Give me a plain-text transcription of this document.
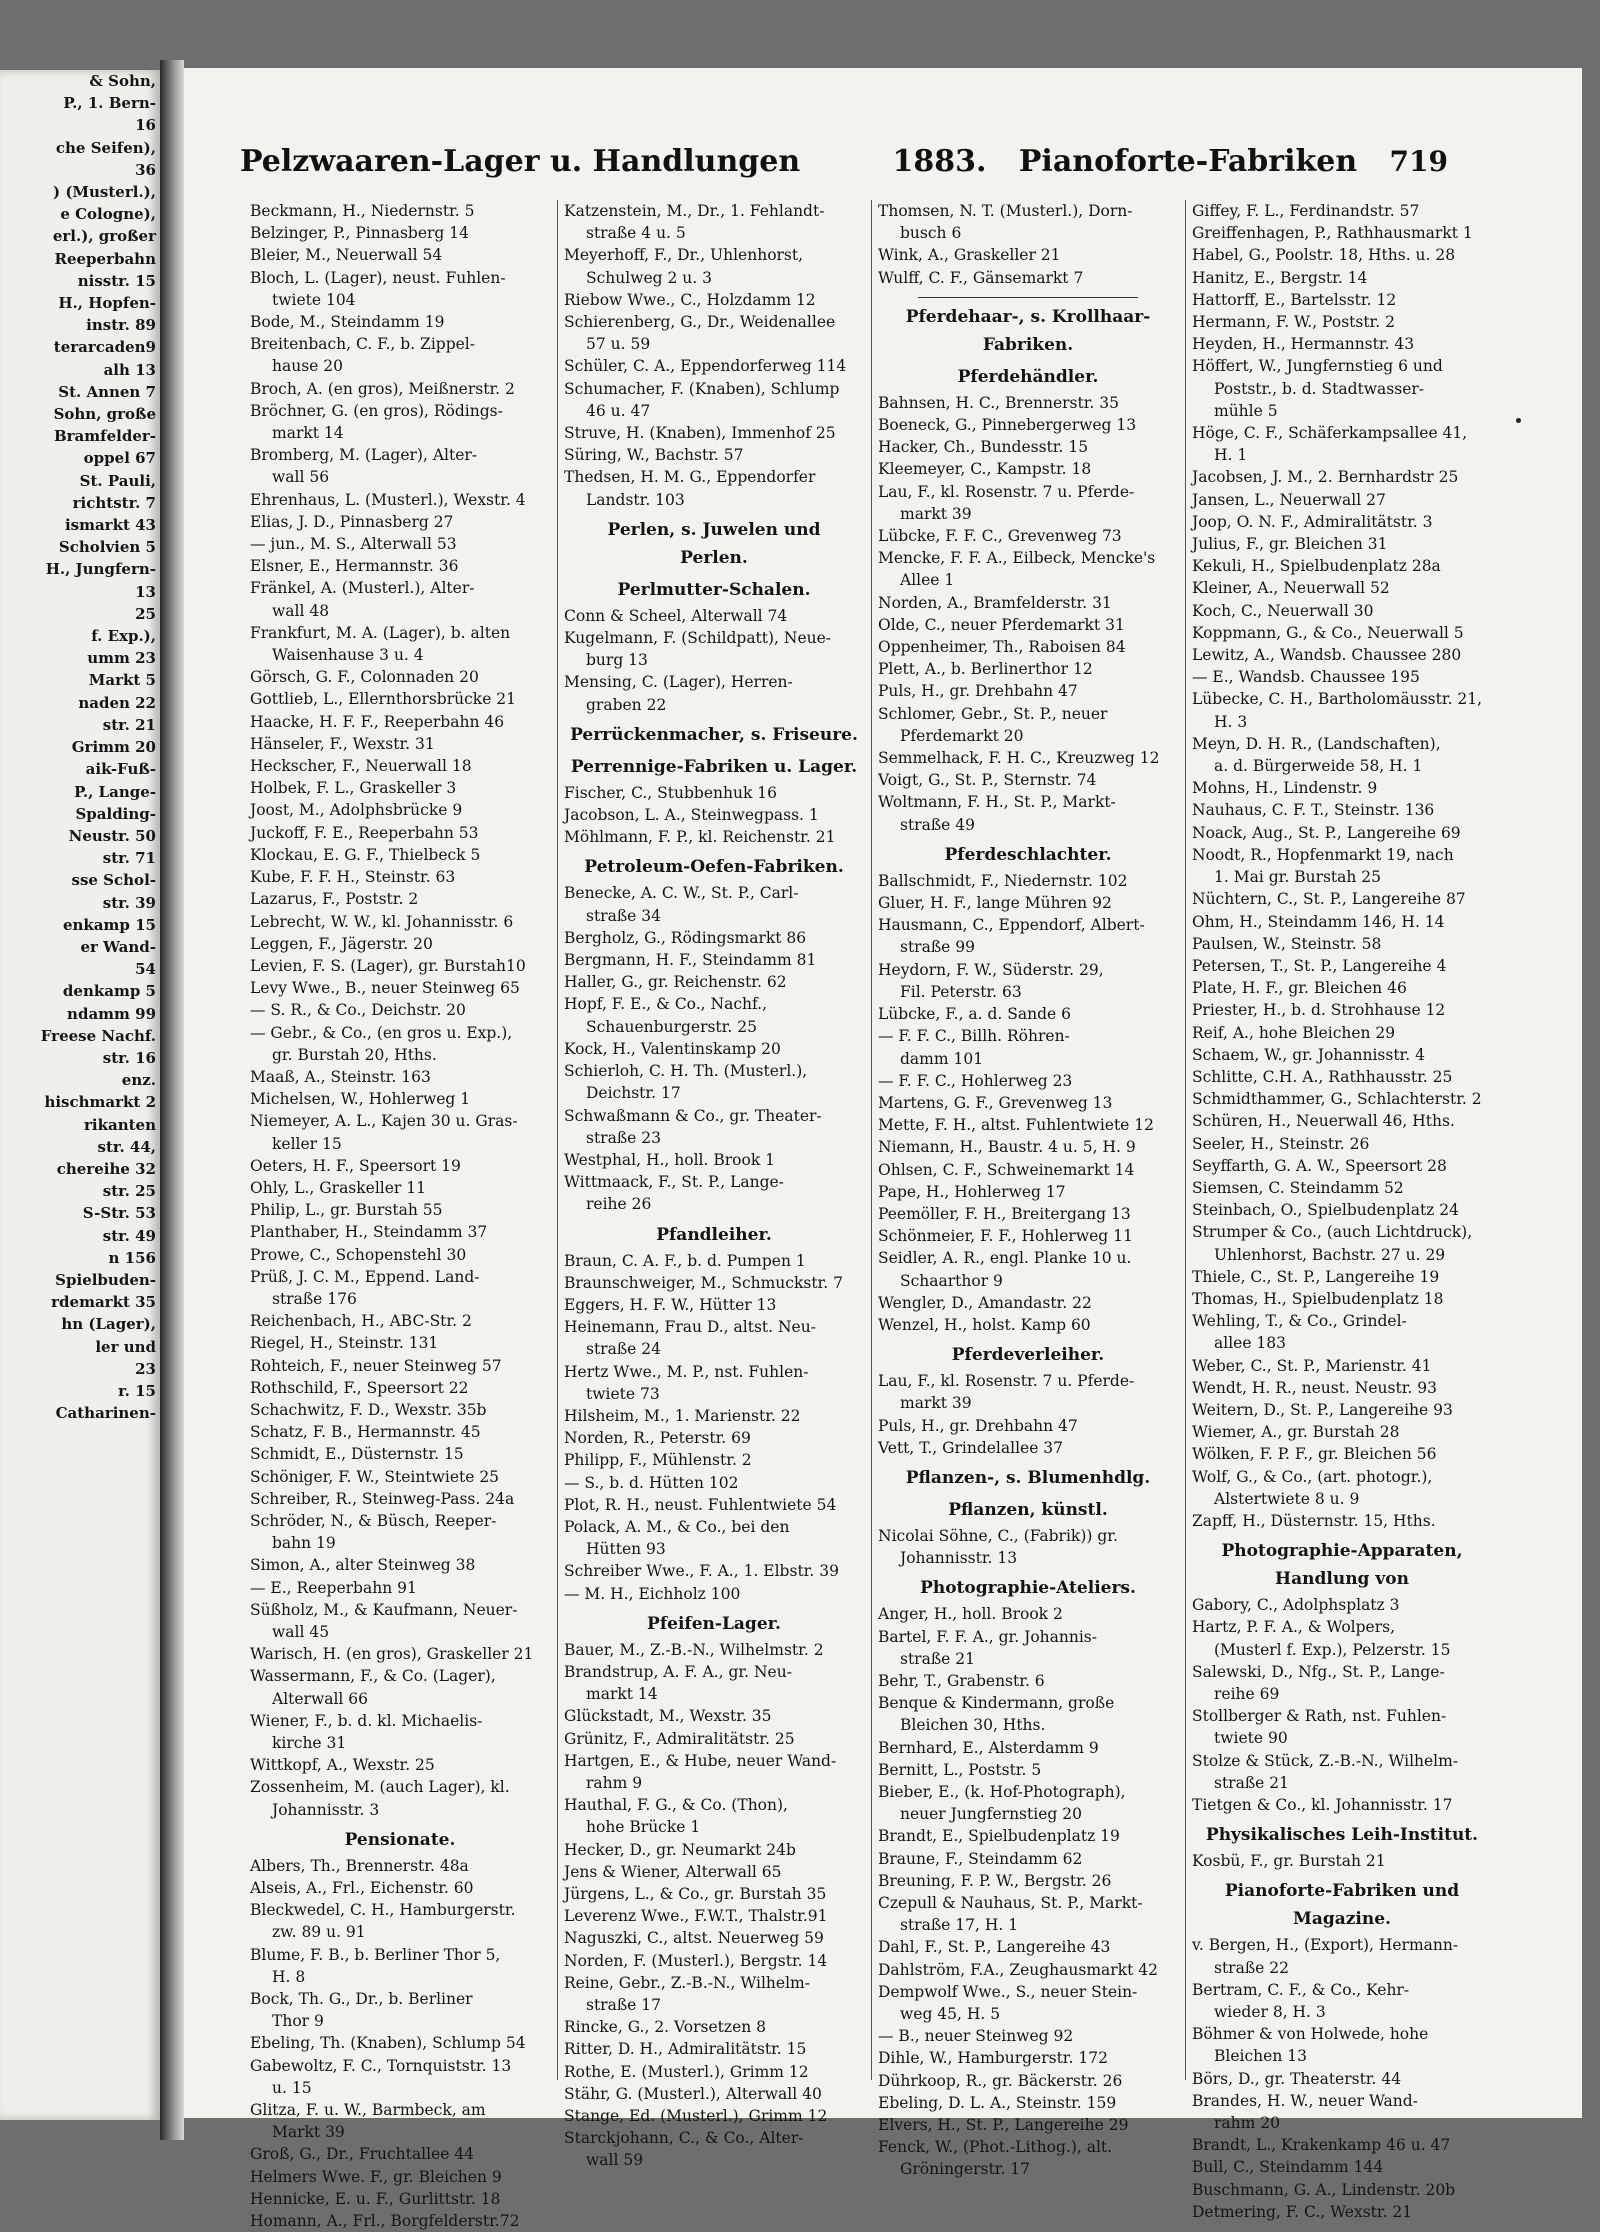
& Sohn,
P., 1. Bern-
16
che Seifen),
36
) (Musterl.),
e Cologne),
erl.), großer
Reeperbahn
nisstr. 15
H., Hopfen-
instr. 89
terarcaden9
alh 13
St. Annen 7
Sohn, große
Bramfelder-
oppel 67
St. Pauli,
richtstr. 7
ismarkt 43
Scholvien 5
H., Jungfern-
13
25
f. Exp.),
umm 23
Markt 5
naden 22
str. 21
Grimm 20
aik-Fuß-
P., Lange-
Spalding-
Neustr. 50
str. 71
sse Schol-
str. 39
enkamp 15
er Wand-
54
denkamp 5
ndamm 99
Freese Nachf.
str. 16
enz.
hischmarkt 2
rikanten
str. 44,
chereihe 32
str. 25
S-Str. 53
str. 49
n 156
Spielbuden-
rdemarkt 35
hn (Lager),
ler und
23
r. 15
Catharinen-
Pelzwaaren-Lager u. Handlungen	1883. Pianoforte-Fabriken 719
Beckmann, H., Niedernstr. 5
Belzinger, P., Pinnasberg 14
Bleier, M., Neuerwall 54
Bloch, L. (Lager), neust. Fuhlen-
twiete 104
Bode, M., Steindamm 19
Breitenbach, C. F., b. Zippel-
hause 20
Broch, A. (en gros), Meißnerstr. 2
Bröchner, G. (en gros), Rödings-
markt 14
Bromberg, M. (Lager), Alter-
wall 56
Ehrenhaus, L. (Musterl.), Wexstr. 4
Elias, J. D., Pinnasberg 27
— jun., M. S., Alterwall 53
Elsner, E., Hermannstr. 36
Fränkel, A. (Musterl.), Alter-
wall 48
Frankfurt, M. A. (Lager), b. alten
Waisenhause 3 u. 4
Görsch, G. F., Colonnaden 20
Gottlieb, L., Ellernthorsbrücke 21
Haacke, H. F. F., Reeperbahn 46
Hänseler, F., Wexstr. 31
Heckscher, F., Neuerwall 18
Holbek, F. L., Graskeller 3
Joost, M., Adolphsbrücke 9
Juckoff, F. E., Reeperbahn 53
Klockau, E. G. F., Thielbeck 5
Kube, F. F. H., Steinstr. 63
Lazarus, F., Poststr. 2
Lebrecht, W. W., kl. Johannisstr. 6
Leggen, F., Jägerstr. 20
Levien, F. S. (Lager), gr. Burstah10
Levy Wwe., B., neuer Steinweg 65
— S. R., & Co., Deichstr. 20
— Gebr., & Co., (en gros u. Exp.),
gr. Burstah 20, Hths.
Maaß, A., Steinstr. 163
Michelsen, W., Hohlerweg 1
Niemeyer, A. L., Kajen 30 u. Gras-
keller 15
Oeters, H. F., Speersort 19
Ohly, L., Graskeller 11
Philip, L., gr. Burstah 55
Planthaber, H., Steindamm 37
Prowe, C., Schopenstehl 30
Prüß, J. C. M., Eppend. Land-
straße 176
Reichenbach, H., ABC-Str. 2
Riegel, H., Steinstr. 131
Rohteich, F., neuer Steinweg 57
Rothschild, F., Speersort 22
Schachwitz, F. D., Wexstr. 35b
Schatz, F. B., Hermannstr. 45
Schmidt, E., Düsternstr. 15
Schöniger, F. W., Steintwiete 25
Schreiber, R., Steinweg-Pass. 24a
Schröder, N., & Büsch, Reeper-
bahn 19
Simon, A., alter Steinweg 38
— E., Reeperbahn 91
Süßholz, M., & Kaufmann, Neuer-
wall 45
Warisch, H. (en gros), Graskeller 21
Wassermann, F., & Co. (Lager),
Alterwall 66
Wiener, F., b. d. kl. Michaelis-
kirche 31
Wittkopf, A., Wexstr. 25
Zossenheim, M. (auch Lager), kl.
Johannisstr. 3
Pensionate.
Albers, Th., Brennerstr. 48a
Alseis, A., Frl., Eichenstr. 60
Bleckwedel, C. H., Hamburgerstr.
zw. 89 u. 91
Blume, F. B., b. Berliner Thor 5,
H. 8
Bock, Th. G., Dr., b. Berliner
Thor 9
Ebeling, Th. (Knaben), Schlump 54
Gabewoltz, F. C., Tornquiststr. 13
u. 15
Glitza, F. u. W., Barmbeck, am
Markt 39
Groß, G., Dr., Fruchtallee 44
Helmers Wwe. F., gr. Bleichen 9
Hennicke, E. u. F., Gurlittstr. 18
Homann, A., Frl., Borgfelderstr.72
Katzenstein, M., Dr., 1. Fehlandt-
straße 4 u. 5
Meyerhoff, F., Dr., Uhlenhorst,
Schulweg 2 u. 3
Riebow Wwe., C., Holzdamm 12
Schierenberg, G., Dr., Weidenallee
57 u. 59
Schüler, C. A., Eppendorferweg 114
Schumacher, F. (Knaben), Schlump
46 u. 47
Struve, H. (Knaben), Immenhof 25
Süring, W., Bachstr. 57
Thedsen, H. M. G., Eppendorfer
Landstr. 103
Perlen, s. Juwelen und
Perlen.
Perlmutter-Schalen.
Conn & Scheel, Alterwall 74
Kugelmann, F. (Schildpatt), Neue-
burg 13
Mensing, C. (Lager), Herren-
graben 22
Perrückenmacher, s. Friseure.
Perrennige-Fabriken u. Lager.
Fischer, C., Stubbenhuk 16
Jacobson, L. A., Steinwegpass. 1
Möhlmann, F. P., kl. Reichenstr. 21
Petroleum-Oefen-Fabriken.
Benecke, A. C. W., St. P., Carl-
straße 34
Bergholz, G., Rödingsmarkt 86
Bergmann, H. F., Steindamm 81
Haller, G., gr. Reichenstr. 62
Hopf, F. E., & Co., Nachf.,
Schauenburgerstr. 25
Kock, H., Valentinskamp 20
Schierloh, C. H. Th. (Musterl.),
Deichstr. 17
Schwaßmann & Co., gr. Theater-
straße 23
Westphal, H., holl. Brook 1
Wittmaack, F., St. P., Lange-
reihe 26
Pfandleiher.
Braun, C. A. F., b. d. Pumpen 1
Braunschweiger, M., Schmuckstr. 7
Eggers, H. F. W., Hütter 13
Heinemann, Frau D., altst. Neu-
straße 24
Hertz Wwe., M. P., nst. Fuhlen-
twiete 73
Hilsheim, M., 1. Marienstr. 22
Norden, R., Peterstr. 69
Philipp, F., Mühlenstr. 2
— S., b. d. Hütten 102
Plot, R. H., neust. Fuhlentwiete 54
Polack, A. M., & Co., bei den
Hütten 93
Schreiber Wwe., F. A., 1. Elbstr. 39
— M. H., Eichholz 100
Pfeifen-Lager.
Bauer, M., Z.-B.-N., Wilhelmstr. 2
Brandstrup, A. F. A., gr. Neu-
markt 14
Glückstadt, M., Wexstr. 35
Grünitz, F., Admiralitätstr. 25
Hartgen, E., & Hube, neuer Wand-
rahm 9
Hauthal, F. G., & Co. (Thon),
hohe Brücke 1
Hecker, D., gr. Neumarkt 24b
Jens & Wiener, Alterwall 65
Jürgens, L., & Co., gr. Burstah 35
Leverenz Wwe., F.W.T., Thalstr.91
Naguszki, C., altst. Neuerweg 59
Norden, F. (Musterl.), Bergstr. 14
Reine, Gebr., Z.-B.-N., Wilhelm-
straße 17
Rincke, G., 2. Vorsetzen 8
Ritter, D. H., Admiralitätstr. 15
Rothe, E. (Musterl.), Grimm 12
Stähr, G. (Musterl.), Alterwall 40
Stange, Ed. (Musterl.), Grimm 12
Starckjohann, C., & Co., Alter-
wall 59
Thomsen, N. T. (Musterl.), Dorn-
busch 6
Wink, A., Graskeller 21
Wulff, C. F., Gänsemarkt 7
Pferdehaar-, s. Krollhaar-
Fabriken.
Pferdehändler.
Bahnsen, H. C., Brennerstr. 35
Boeneck, G., Pinnebergerweg 13
Hacker, Ch., Bundesstr. 15
Kleemeyer, C., Kampstr. 18
Lau, F., kl. Rosenstr. 7 u. Pferde-
markt 39
Lübcke, F. F. C., Grevenweg 73
Mencke, F. F. A., Eilbeck, Mencke's
Allee 1
Norden, A., Bramfelderstr. 31
Olde, C., neuer Pferdemarkt 31
Oppenheimer, Th., Raboisen 84
Plett, A., b. Berlinerthor 12
Puls, H., gr. Drehbahn 47
Schlomer, Gebr., St. P., neuer
Pferdemarkt 20
Semmelhack, F. H. C., Kreuzweg 12
Voigt, G., St. P., Sternstr. 74
Woltmann, F. H., St. P., Markt-
straße 49
Pferdeschlachter.
Ballschmidt, F., Niedernstr. 102
Gluer, H. F., lange Mühren 92
Hausmann, C., Eppendorf, Albert-
straße 99
Heydorn, F. W., Süderstr. 29,
Fil. Peterstr. 63
Lübcke, F., a. d. Sande 6
— F. F. C., Billh. Röhren-
damm 101
— F. F. C., Hohlerweg 23
Martens, G. F., Grevenweg 13
Mette, F. H., altst. Fuhlentwiete 12
Niemann, H., Baustr. 4 u. 5, H. 9
Ohlsen, C. F., Schweinemarkt 14
Pape, H., Hohlerweg 17
Peemöller, F. H., Breitergang 13
Schönmeier, F. F., Hohlerweg 11
Seidler, A. R., engl. Planke 10 u.
Schaarthor 9
Wengler, D., Amandastr. 22
Wenzel, H., holst. Kamp 60
Pferdeverleiher.
Lau, F., kl. Rosenstr. 7 u. Pferde-
markt 39
Puls, H., gr. Drehbahn 47
Vett, T., Grindelallee 37
Pflanzen-, s. Blumenhdlg.
Pflanzen, künstl.
Nicolai Söhne, C., (Fabrik)) gr.
Johannisstr. 13
Photographie-Ateliers.
Anger, H., holl. Brook 2
Bartel, F. F. A., gr. Johannis-
straße 21
Behr, T., Grabenstr. 6
Benque & Kindermann, große
Bleichen 30, Hths.
Bernhard, E., Alsterdamm 9
Bernitt, L., Poststr. 5
Bieber, E., (k. Hof-Photograph),
neuer Jungfernstieg 20
Brandt, E., Spielbudenplatz 19
Braune, F., Steindamm 62
Breuning, F. P. W., Bergstr. 26
Czepull & Nauhaus, St. P., Markt-
straße 17, H. 1
Dahl, F., St. P., Langereihe 43
Dahlström, F.A., Zeughausmarkt 42
Dempwolf Wwe., S., neuer Stein-
weg 45, H. 5
— B., neuer Steinweg 92
Dihle, W., Hamburgerstr. 172
Dührkoop, R., gr. Bäckerstr. 26
Ebeling, D. L. A., Steinstr. 159
Elvers, H., St. P., Langereihe 29
Fenck, W., (Phot.-Lithog.), alt.
Gröningerstr. 17
Giffey, F. L., Ferdinandstr. 57
Greiffenhagen, P., Rathhausmarkt 1
Habel, G., Poolstr. 18, Hths. u. 28
Hanitz, E., Bergstr. 14
Hattorff, E., Bartelsstr. 12
Hermann, F. W., Poststr. 2
Heyden, H., Hermannstr. 43
Höffert, W., Jungfernstieg 6 und
Poststr., b. d. Stadtwasser-
mühle 5
Höge, C. F., Schäferkampsallee 41,
H. 1
Jacobsen, J. M., 2. Bernhardstr 25
Jansen, L., Neuerwall 27
Joop, O. N. F., Admiralitätstr. 3
Julius, F., gr. Bleichen 31
Kekuli, H., Spielbudenplatz 28a
Kleiner, A., Neuerwall 52
Koch, C., Neuerwall 30
Koppmann, G., & Co., Neuerwall 5
Lewitz, A., Wandsb. Chaussee 280
— E., Wandsb. Chaussee 195
Lübecke, C. H., Bartholomäusstr. 21,
H. 3
Meyn, D. H. R., (Landschaften),
a. d. Bürgerweide 58, H. 1
Mohns, H., Lindenstr. 9
Nauhaus, C. F. T., Steinstr. 136
Noack, Aug., St. P., Langereihe 69
Noodt, R., Hopfenmarkt 19, nach
1. Mai gr. Burstah 25
Nüchtern, C., St. P., Langereihe 87
Ohm, H., Steindamm 146, H. 14
Paulsen, W., Steinstr. 58
Petersen, T., St. P., Langereihe 4
Plate, H. F., gr. Bleichen 46
Priester, H., b. d. Strohhause 12
Reif, A., hohe Bleichen 29
Schaem, W., gr. Johannisstr. 4
Schlitte, C.H. A., Rathhausstr. 25
Schmidthammer, G., Schlachterstr. 2
Schüren, H., Neuerwall 46, Hths.
Seeler, H., Steinstr. 26
Seyffarth, G. A. W., Speersort 28
Siemsen, C. Steindamm 52
Steinbach, O., Spielbudenplatz 24
Strumper & Co., (auch Lichtdruck),
Uhlenhorst, Bachstr. 27 u. 29
Thiele, C., St. P., Langereihe 19
Thomas, H., Spielbudenplatz 18
Wehling, T., & Co., Grindel-
allee 183
Weber, C., St. P., Marienstr. 41
Wendt, H. R., neust. Neustr. 93
Weitern, D., St. P., Langereihe 93
Wiemer, A., gr. Burstah 28
Wölken, F. P. F., gr. Bleichen 56
Wolf, G., & Co., (art. photogr.),
Alstertwiete 8 u. 9
Zapff, H., Düsternstr. 15, Hths.
Photographie-Apparaten,
Handlung von
Gabory, C., Adolphsplatz 3
Hartz, P. F. A., & Wolpers,
(Musterl f. Exp.), Pelzerstr. 15
Salewski, D., Nfg., St. P., Lange-
reihe 69
Stollberger & Rath, nst. Fuhlen-
twiete 90
Stolze & Stück, Z.-B.-N., Wilhelm-
straße 21
Tietgen & Co., kl. Johannisstr. 17
Physikalisches Leih-Institut.
Kosbü, F., gr. Burstah 21
Pianoforte-Fabriken und
Magazine.
v. Bergen, H., (Export), Hermann-
straße 22
Bertram, C. F., & Co., Kehr-
wieder 8, H. 3
Böhmer & von Holwede, hohe
Bleichen 13
Börs, D., gr. Theaterstr. 44
Brandes, H. W., neuer Wand-
rahm 20
Brandt, L., Krakenkamp 46 u. 47
Bull, C., Steindamm 144
Buschmann, G. A., Lindenstr. 20b
Detmering, F. C., Wexstr. 21
